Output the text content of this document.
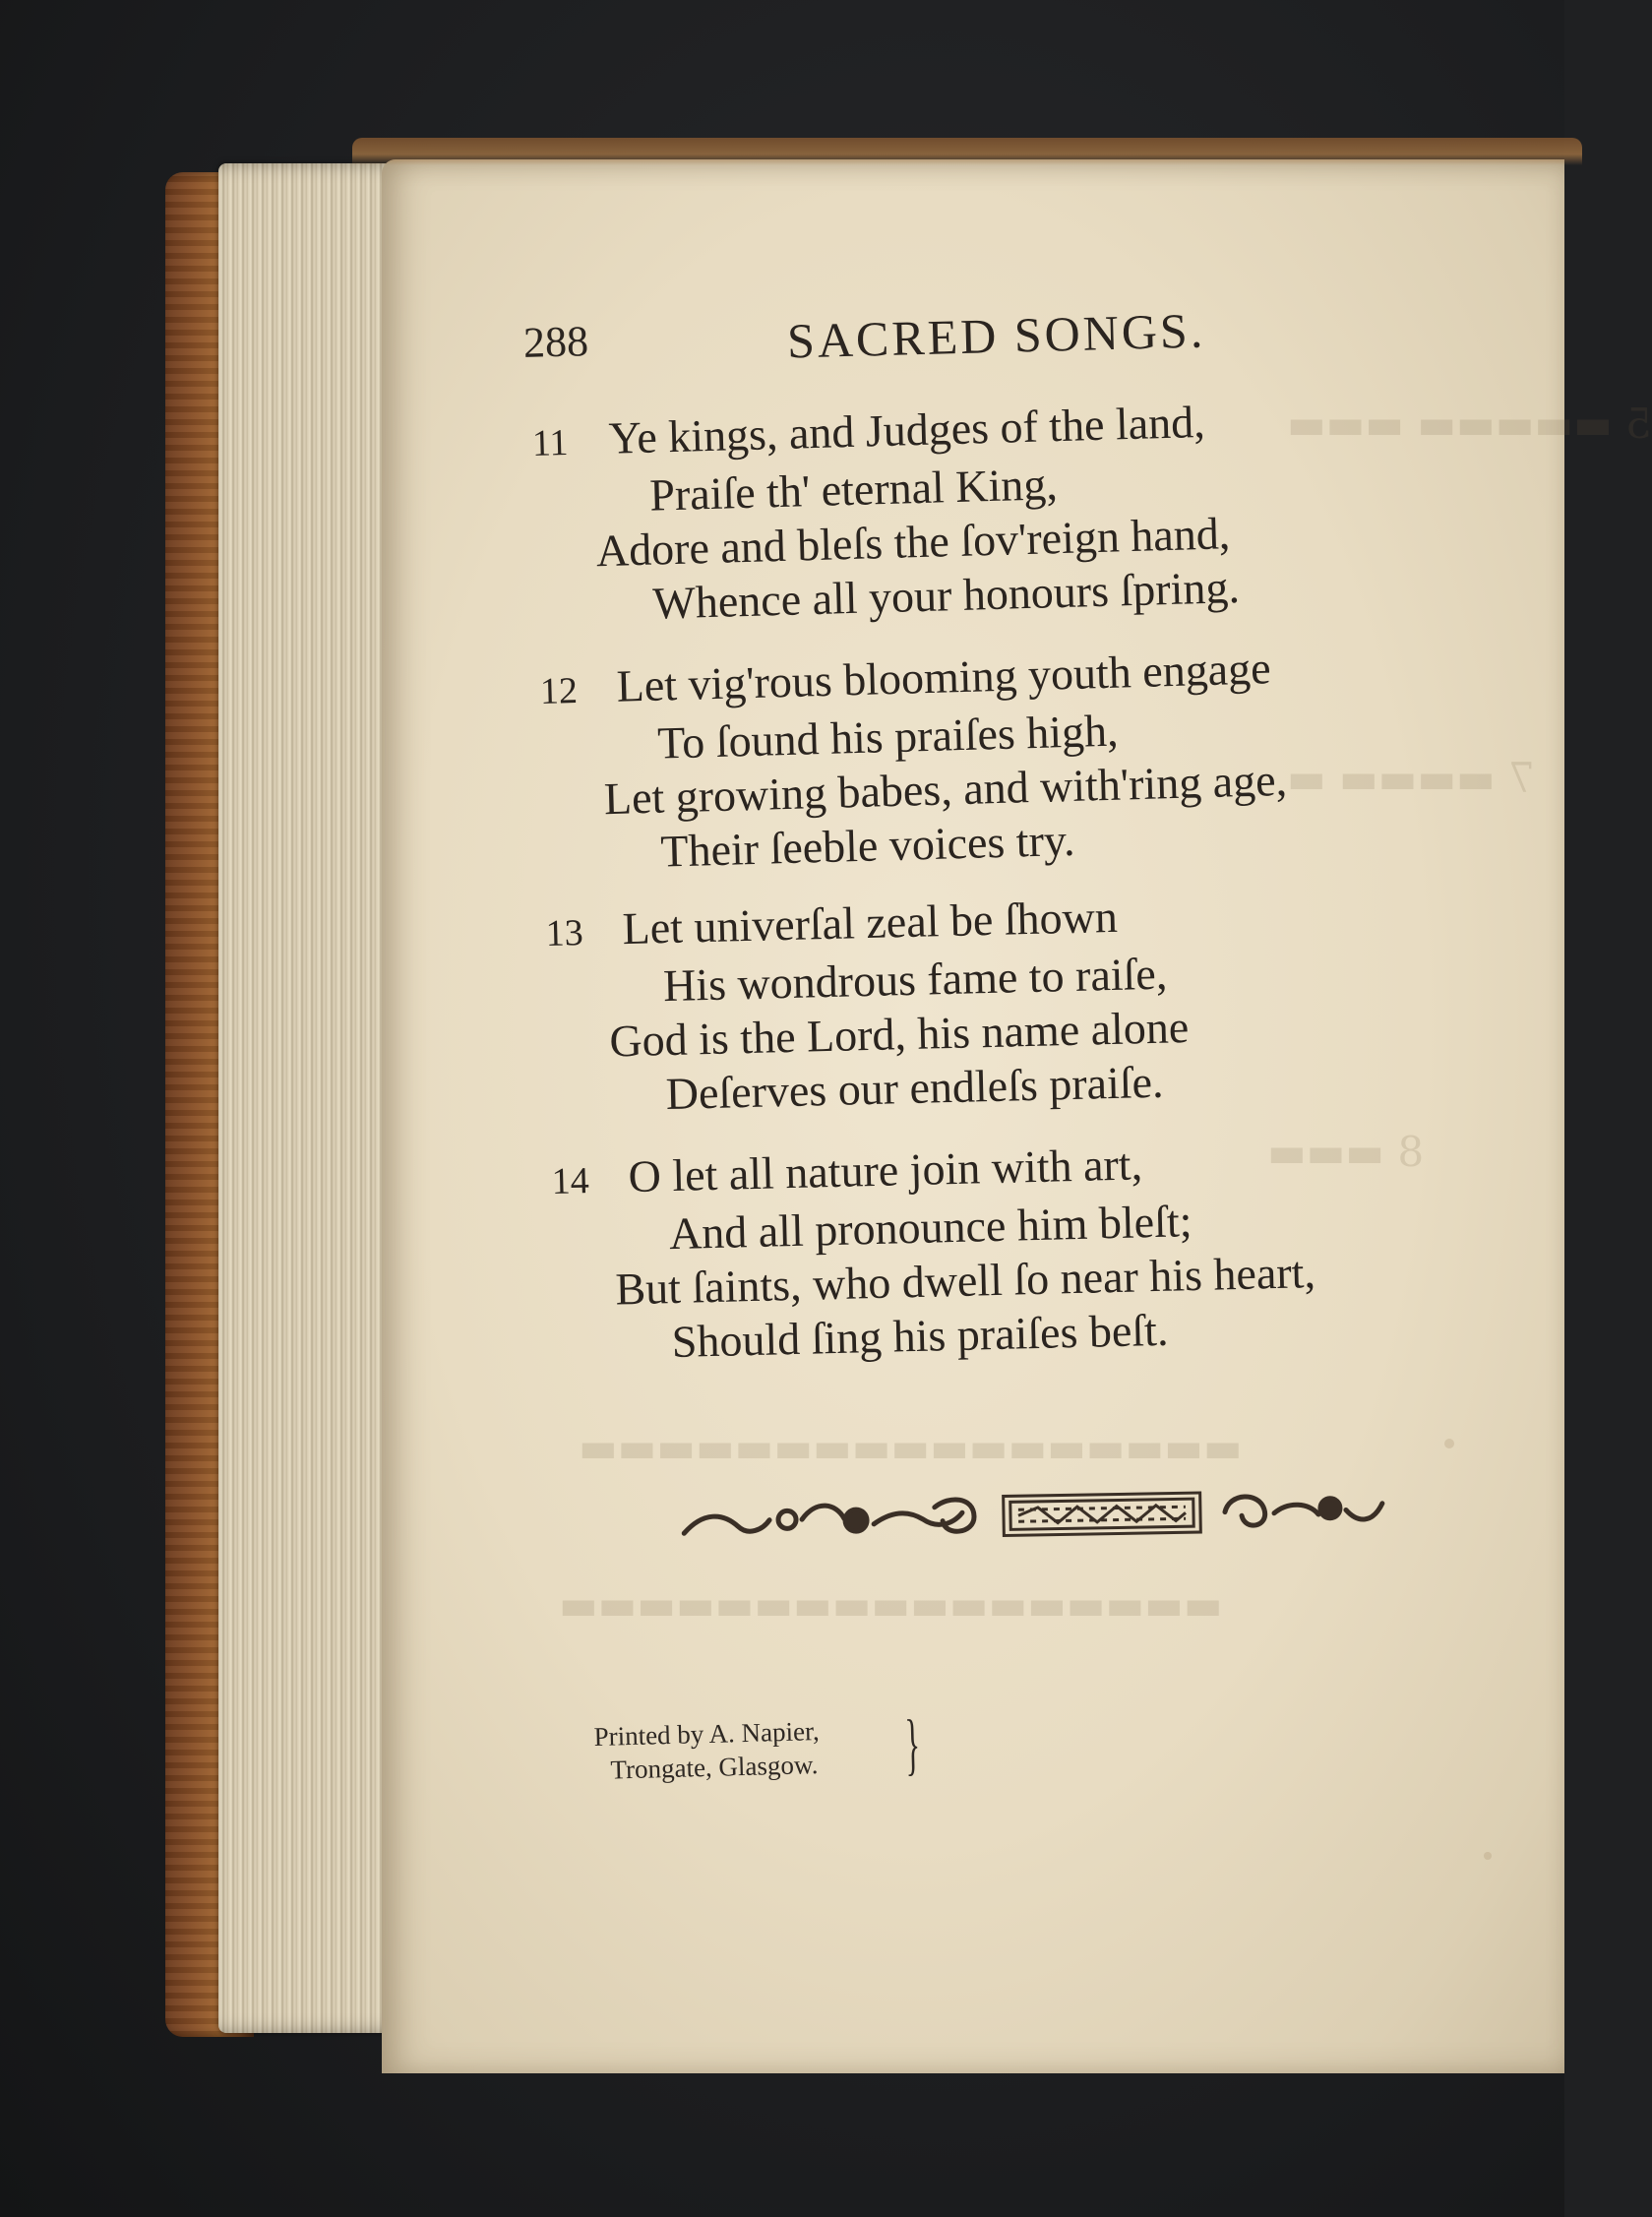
5 ▬▬▬▬▬ ▬▬▬
7 ▬▬▬▬ ▬
8 ▬▬▬
▬▬▬▬▬▬▬▬▬▬▬▬▬▬▬▬▬
▬▬▬▬▬▬▬▬▬▬▬▬▬▬▬▬▬
288	SACRED SONGS.
11 Ye kings, and Judges of the land,
Praiſe th' eternal King,
Adore and bleſs the ſov'reign hand,
Whence all your honours ſpring.
12 Let vig'rous blooming youth engage
To ſound his praiſes high,
Let growing babes, and with'ring age,
Their ſeeble voices try.
13 Let univerſal zeal be ſhown
His wondrous fame to raiſe,
God is the Lord, his name alone
Deſerves our endleſs praiſe.
14 O let all nature join with art,
And all pronounce him bleſt;
But ſaints, who dwell ſo near his heart,
Should ſing his praiſes beſt.
Printed by A. Napier,
Trongate, Glasgow. }
